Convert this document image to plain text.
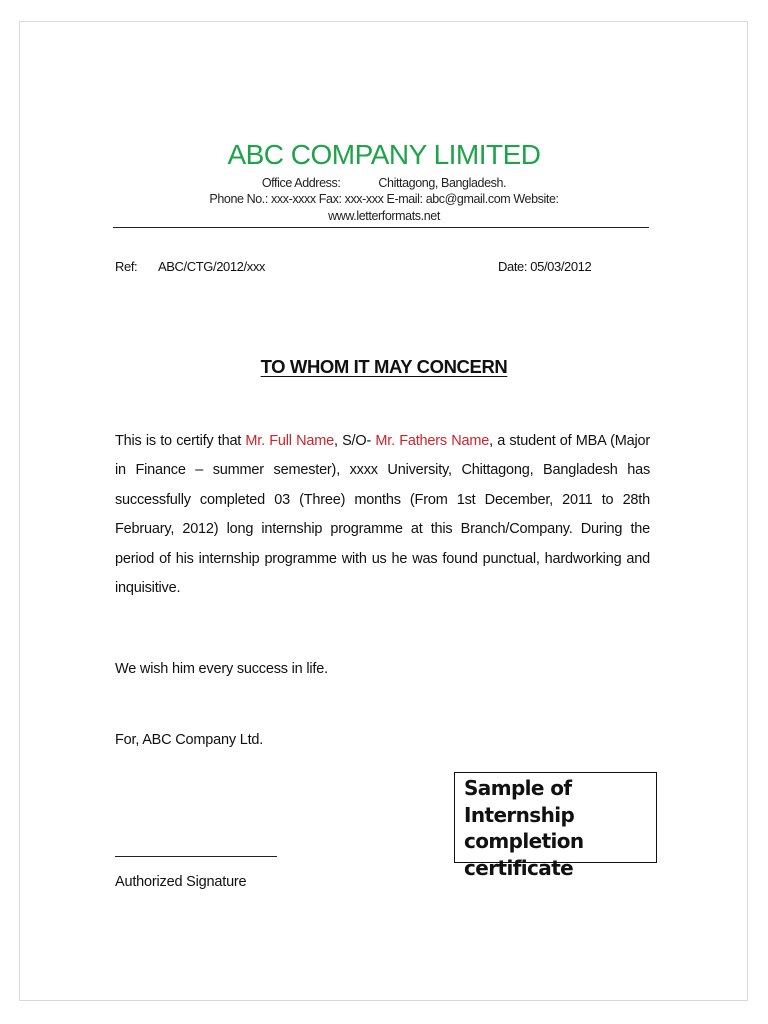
ABC COMPANY LIMITED
Office Address:	Chittagong, Bangladesh.
Phone No.: xxx-xxxx Fax: xxx-xxx E-mail: abc@gmail.com Website:
www.letterformats.net
Ref: ABC/CTG/2012/xxx	Date: 05/03/2012
TO WHOM IT MAY CONCERN

This is to certify that Mr. Full Name, S/O- Mr. Fathers Name, a student of MBA (Major in Finance – summer semester), xxxx University, Chittagong, Bangladesh has successfully completed 03 (Three) months (From 1st December, 2011 to 28th February, 2012) long internship programme at this Branch/Company. During the period of his internship programme with us he was found punctual, hardworking and inquisitive.

We wish him every success in life.
For, ABC Company Ltd.
Sample of
Internship
completion
certificate
Authorized Signature
